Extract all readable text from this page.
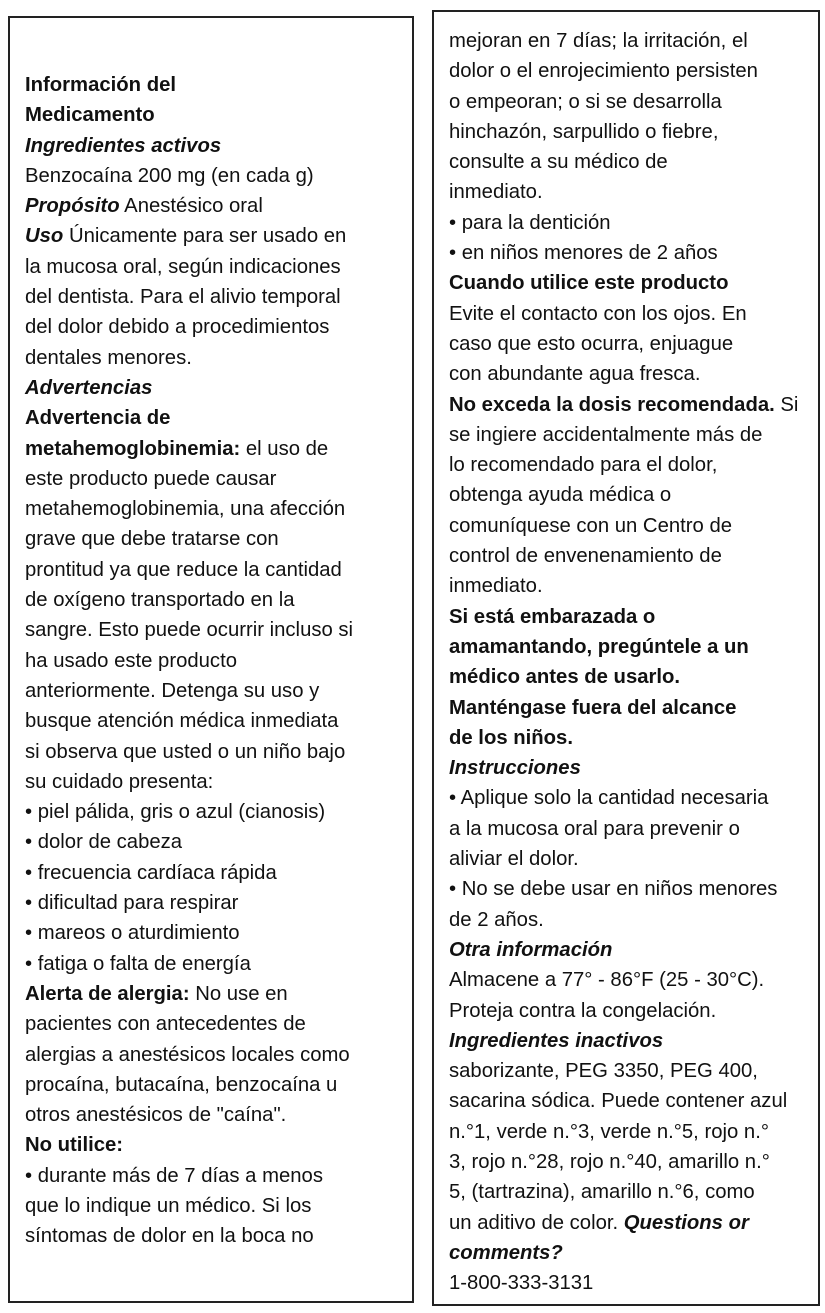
Información del
Medicamento
Ingredientes activos
Benzocaína 200 mg (en cada g)
Propósito Anestésico oral
Uso Únicamente para ser usado en
la mucosa oral, según indicaciones
del dentista. Para el alivio temporal
del dolor debido a procedimientos
dentales menores.
Advertencias
Advertencia de
metahemoglobinemia: el uso de
este producto puede causar
metahemoglobinemia, una afección
grave que debe tratarse con
prontitud ya que reduce la cantidad
de oxígeno transportado en la
sangre. Esto puede ocurrir incluso si
ha usado este producto
anteriormente. Detenga su uso y
busque atención médica inmediata
si observa que usted o un niño bajo
su cuidado presenta:
• piel pálida, gris o azul (cianosis)
• dolor de cabeza
• frecuencia cardíaca rápida
• dificultad para respirar
• mareos o aturdimiento
• fatiga o falta de energía
Alerta de alergia: No use en
pacientes con antecedentes de
alergias a anestésicos locales como
procaína, butacaína, benzocaína u
otros anestésicos de "caína".
No utilice:
• durante más de 7 días a menos
que lo indique un médico. Si los
síntomas de dolor en la boca no
mejoran en 7 días; la irritación, el
dolor o el enrojecimiento persisten
o empeoran; o si se desarrolla
hinchazón, sarpullido o fiebre,
consulte a su médico de
inmediato.
• para la dentición
• en niños menores de 2 años
Cuando utilice este producto
Evite el contacto con los ojos. En
caso que esto ocurra, enjuague
con abundante agua fresca.
No exceda la dosis recomendada. Si
se ingiere accidentalmente más de
lo recomendado para el dolor,
obtenga ayuda médica o
comuníquese con un Centro de
control de envenenamiento de
inmediato.
Si está embarazada o
amamantando, pregúntele a un
médico antes de usarlo.
Manténgase fuera del alcance
de los niños.
Instrucciones
• Aplique solo la cantidad necesaria
a la mucosa oral para prevenir o
aliviar el dolor.
• No se debe usar en niños menores
de 2 años.
Otra información
Almacene a 77° - 86°F (25 - 30°C).
Proteja contra la congelación.
Ingredientes inactivos
saborizante, PEG 3350, PEG 400,
sacarina sódica. Puede contener azul
n.°1, verde n.°3, verde n.°5, rojo n.°
3, rojo n.°28, rojo n.°40, amarillo n.°
5, (tartrazina), amarillo n.°6, como
un aditivo de color. Questions or
comments?
1-800-333-3131
